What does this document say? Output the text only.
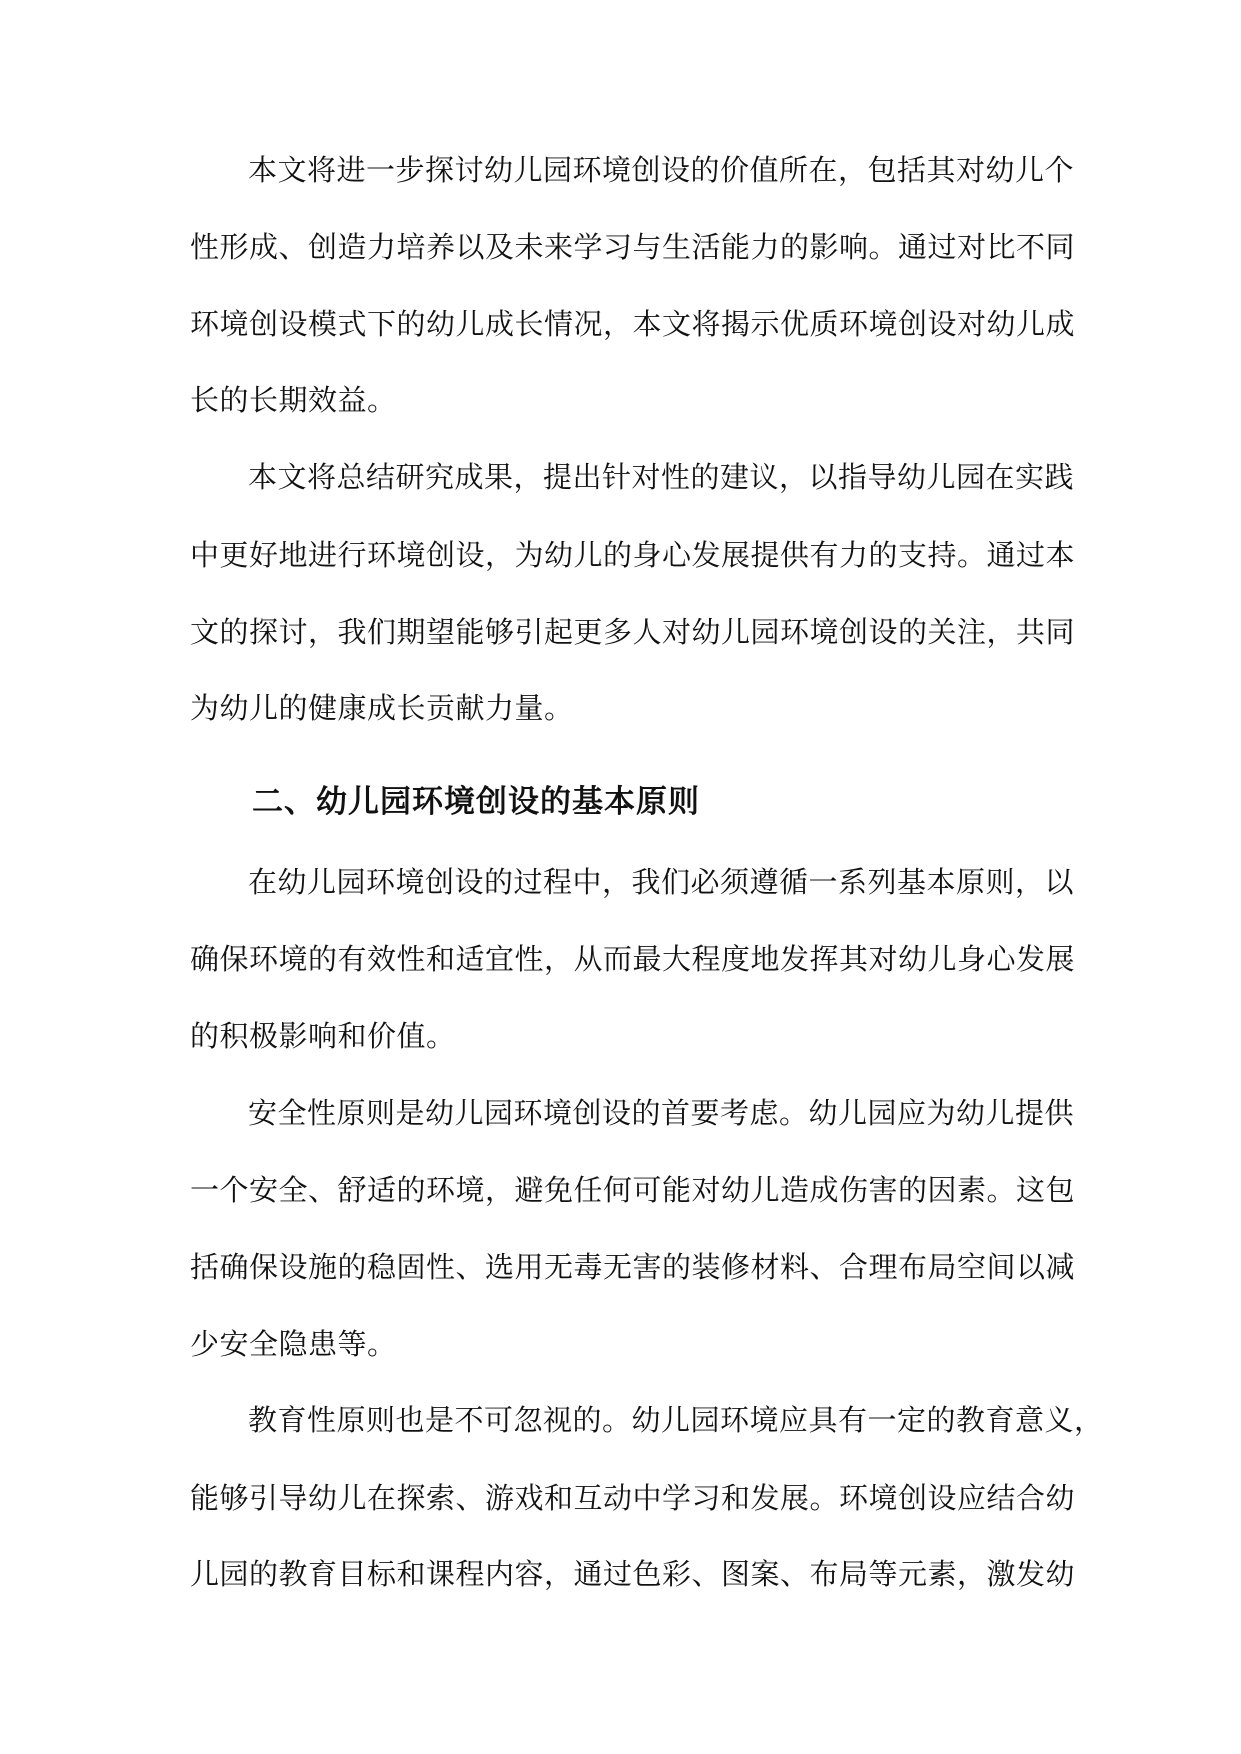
本文将进一步探讨幼儿园环境创设的价值所在，包括其对幼儿个
性形成、创造力培养以及未来学习与生活能力的影响。通过对比不同
环境创设模式下的幼儿成长情况，本文将揭示优质环境创设对幼儿成
长的长期效益。
本文将总结研究成果，提出针对性的建议，以指导幼儿园在实践
中更好地进行环境创设，为幼儿的身心发展提供有力的支持。通过本
文的探讨，我们期望能够引起更多人对幼儿园环境创设的关注，共同
为幼儿的健康成长贡献力量。
二、幼儿园环境创设的基本原则
在幼儿园环境创设的过程中，我们必须遵循一系列基本原则，以
确保环境的有效性和适宜性，从而最大程度地发挥其对幼儿身心发展
的积极影响和价值。
安全性原则是幼儿园环境创设的首要考虑。幼儿园应为幼儿提供
一个安全、舒适的环境，避免任何可能对幼儿造成伤害的因素。这包
括确保设施的稳固性、选用无毒无害的装修材料、合理布局空间以减
少安全隐患等。
教育性原则也是不可忽视的。幼儿园环境应具有一定的教育意义，
能够引导幼儿在探索、游戏和互动中学习和发展。环境创设应结合幼
儿园的教育目标和课程内容，通过色彩、图案、布局等元素，激发幼
